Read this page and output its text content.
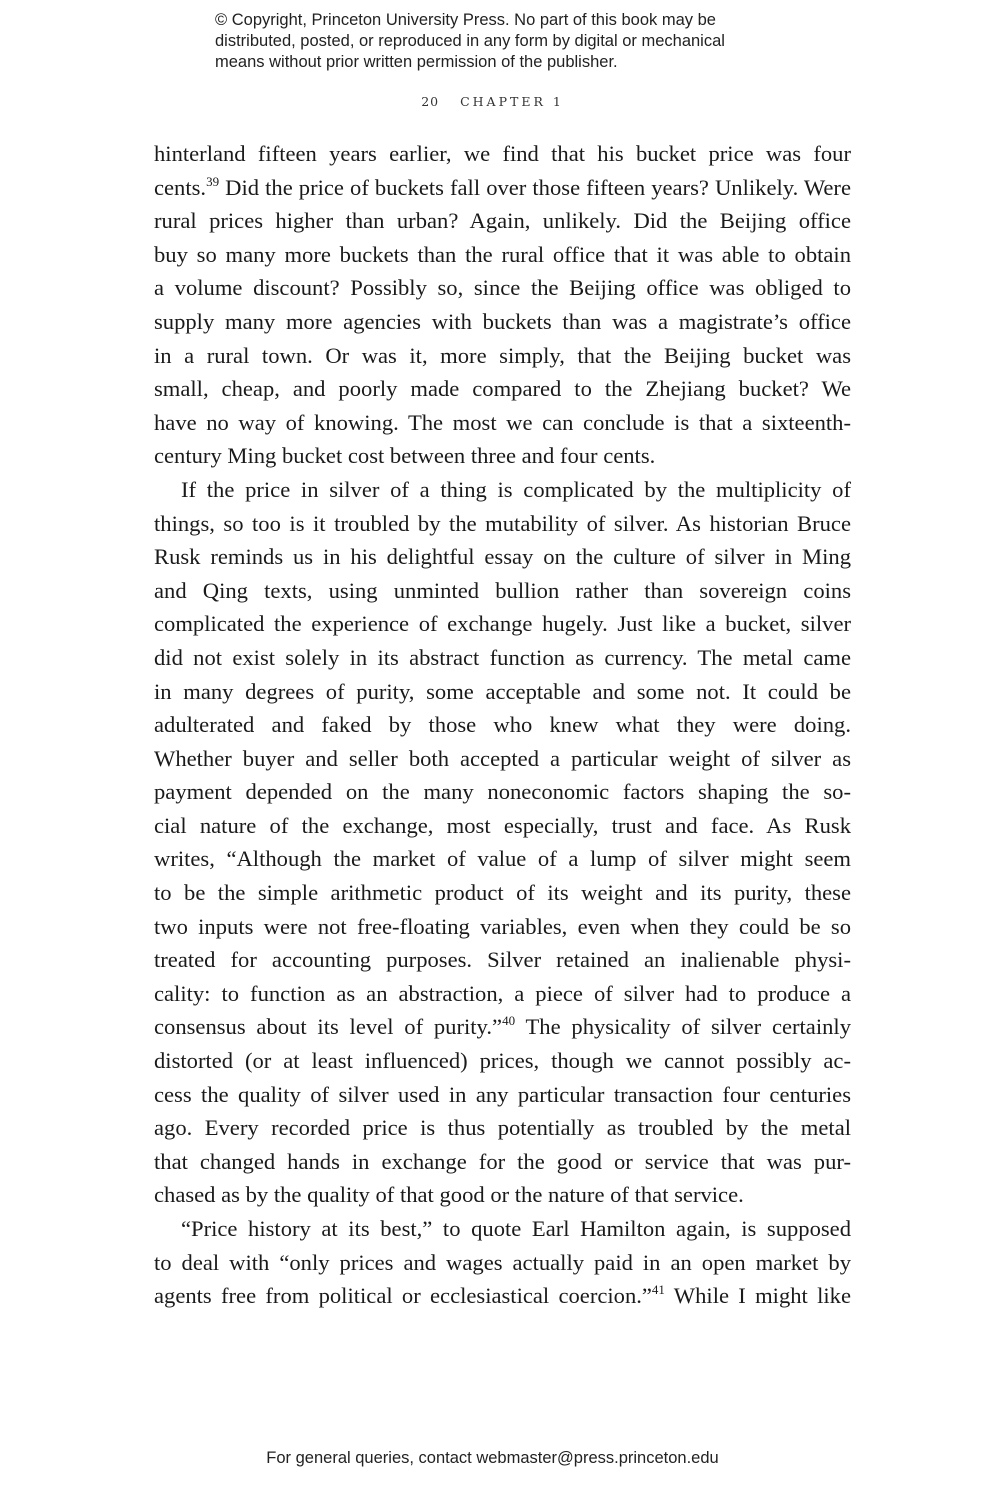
© Copyright, Princeton University Press. No part of this book may be
distributed, posted, or reproduced in any form by digital or mechanical
means without prior written permission of the publisher.
20 CHAPTER 1
hinterland fifteen years earlier, we find that his bucket price was four
cents.$^{39}$ Did the price of buckets fall over those fifteen years? Unlikely. Were
rural prices higher than urban? Again, unlikely. Did the Beijing office
buy so many more buckets than the rural office that it was able to obtain
a volume discount? Possibly so, since the Beijing office was obliged to
supply many more agencies with buckets than was a magistrate’s office
in a rural town. Or was it, more simply, that the Beijing bucket was
small, cheap, and poorly made compared to the Zhejiang bucket? We
have no way of knowing. The most we can conclude is that a sixteenth-
century Ming bucket cost between three and four cents.
If the price in silver of a thing is complicated by the multiplicity of
things, so too is it troubled by the mutability of silver. As historian Bruce
Rusk reminds us in his delightful essay on the culture of silver in Ming
and Qing texts, using unminted bullion rather than sovereign coins
complicated the experience of exchange hugely. Just like a bucket, silver
did not exist solely in its abstract function as currency. The metal came
in many degrees of purity, some acceptable and some not. It could be
adulterated and faked by those who knew what they were doing.
Whether buyer and seller both accepted a particular weight of silver as
payment depended on the many noneconomic factors shaping the so-
cial nature of the exchange, most especially, trust and face. As Rusk
writes, “Although the market of value of a lump of silver might seem
to be the simple arithmetic product of its weight and its purity, these
two inputs were not free-floating variables, even when they could be so
treated for accounting purposes. Silver retained an inalienable physi-
cality: to function as an abstraction, a piece of silver had to produce a
consensus about its level of purity.”$^{40}$ The physicality of silver certainly
distorted (or at least influenced) prices, though we cannot possibly ac-
cess the quality of silver used in any particular transaction four centuries
ago. Every recorded price is thus potentially as troubled by the metal
that changed hands in exchange for the good or service that was pur-
chased as by the quality of that good or the nature of that service.
“Price history at its best,” to quote Earl Hamilton again, is supposed
to deal with “only prices and wages actually paid in an open market by
agents free from political or ecclesiastical coercion.”$^{41}$ While I might like
For general queries, contact webmaster@press.princeton.edu
